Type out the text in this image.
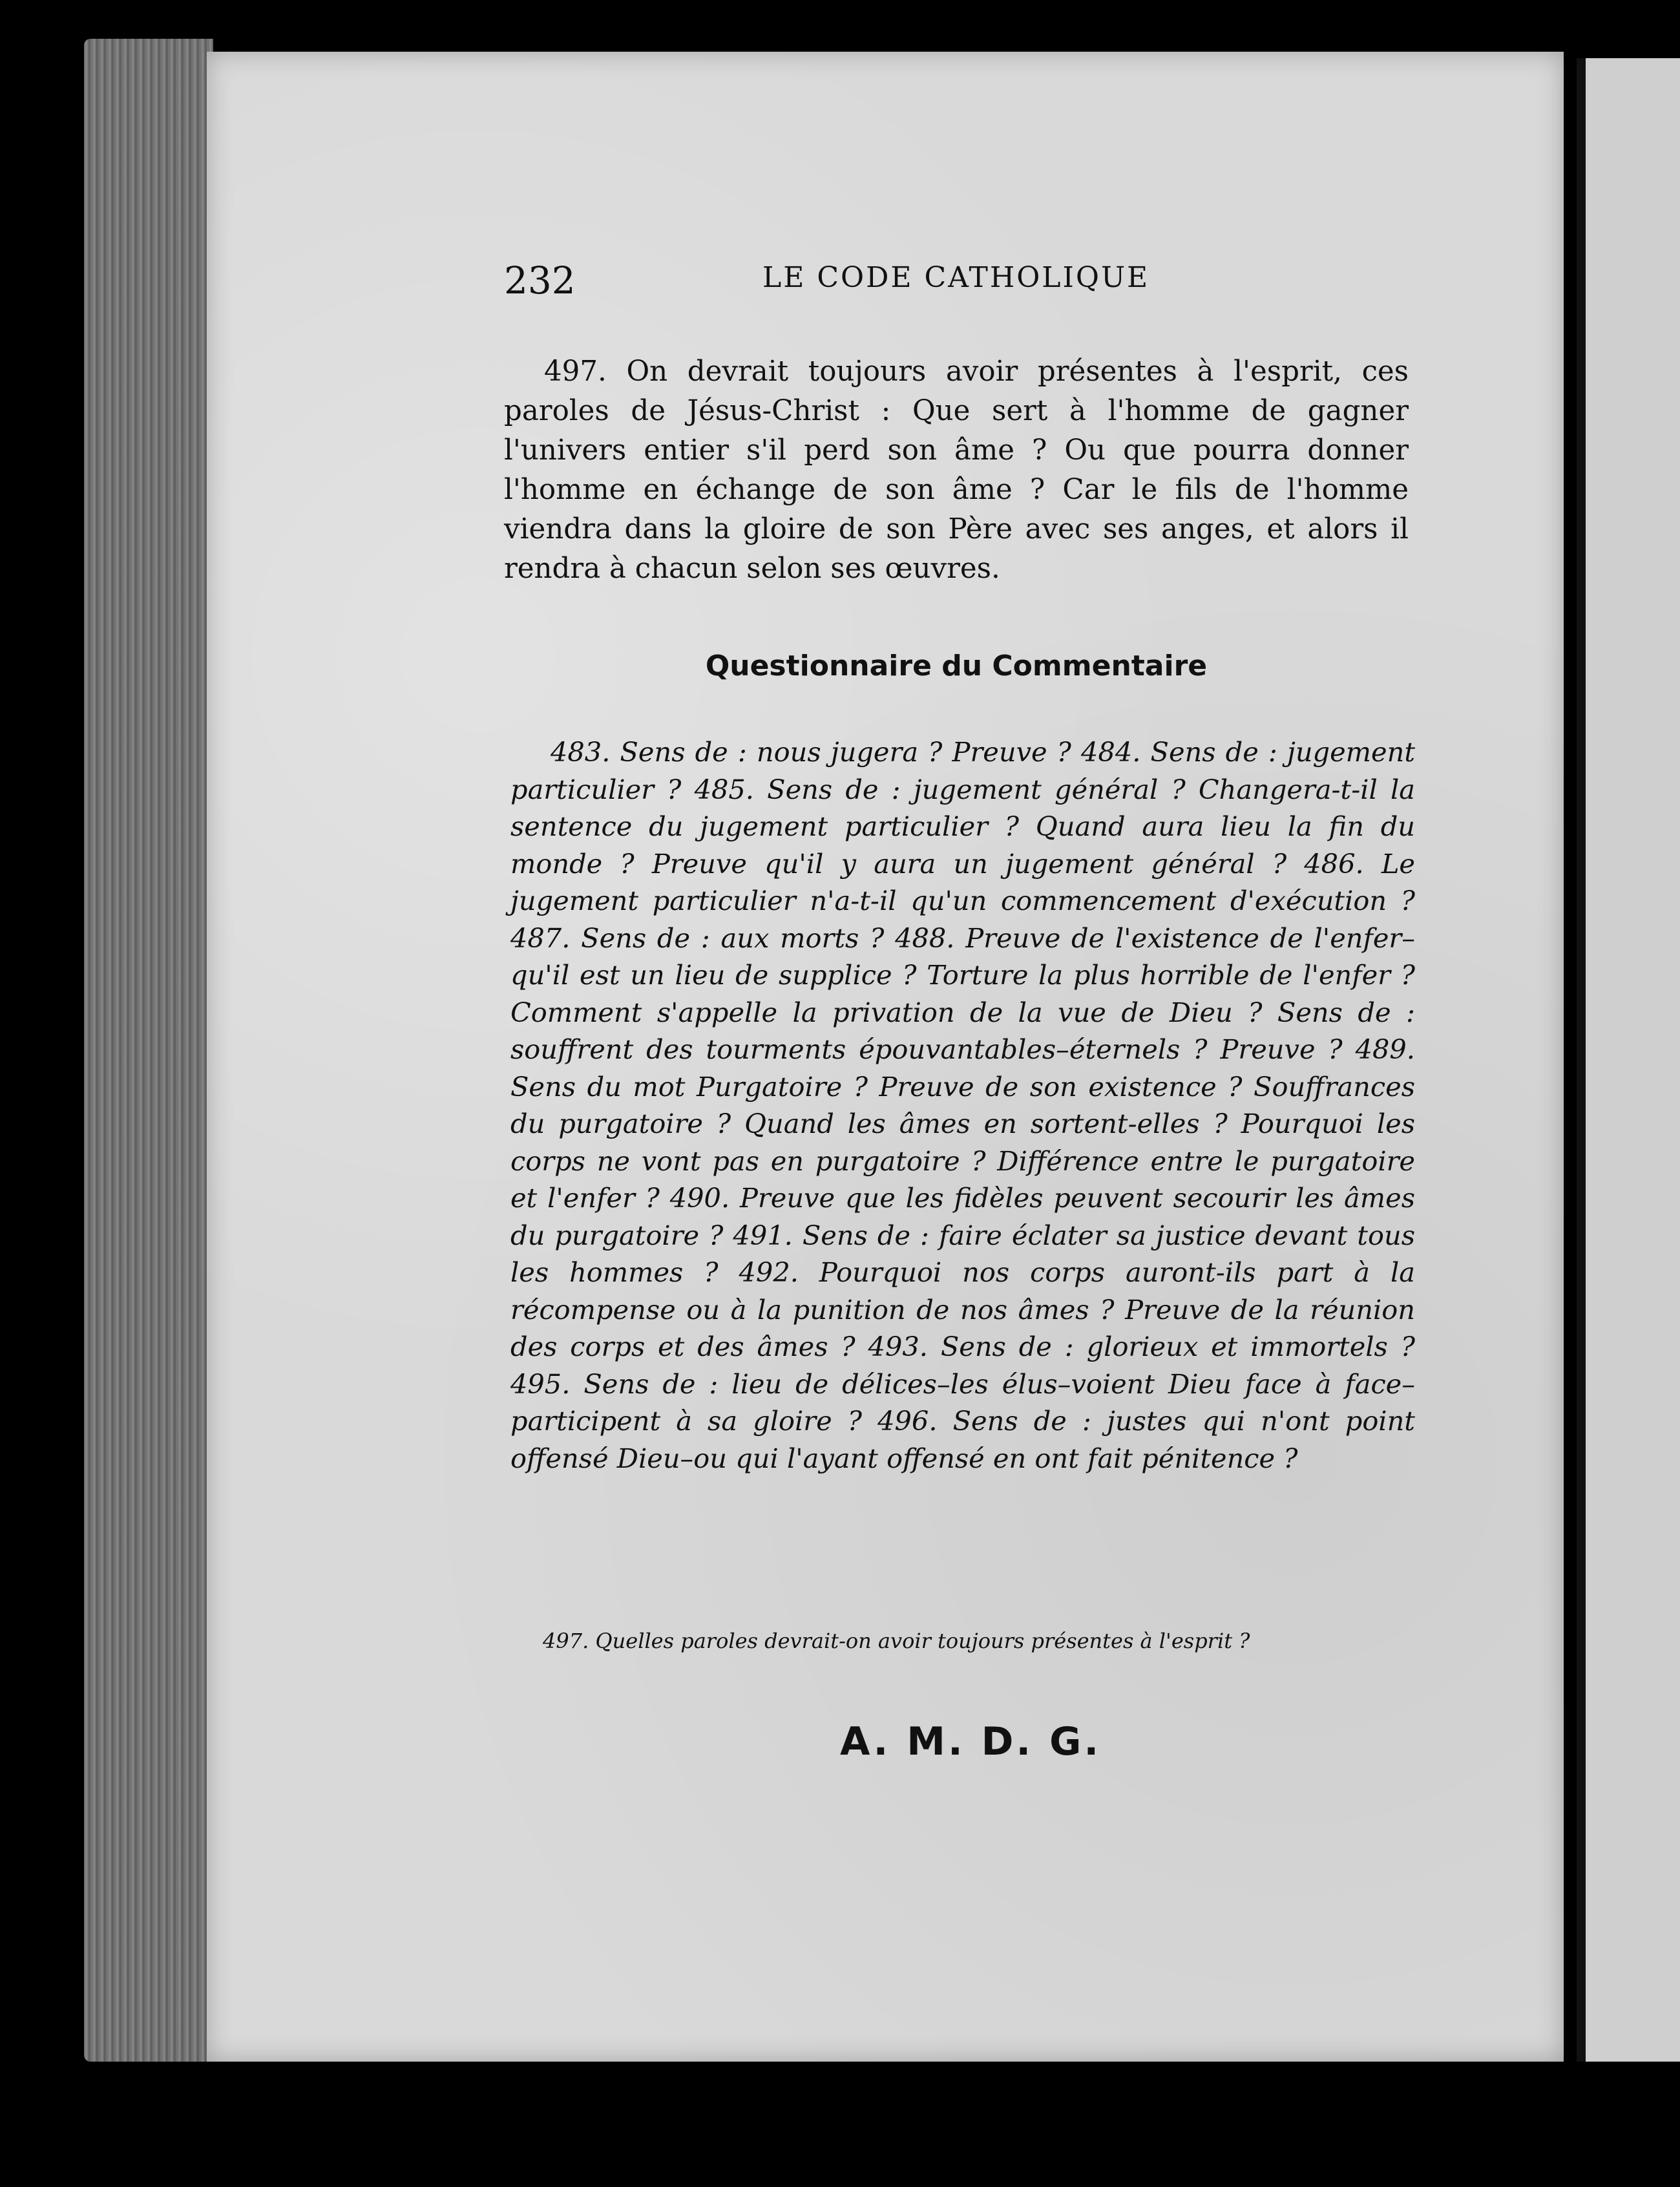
232	LE CODE CATHOLIQUE
497. On devrait toujours avoir présentes à l'esprit, ces paroles de Jésus-Christ : Que sert à l'homme de gagner l'univers entier s'il perd son âme ? Ou que pourra donner l'homme en échange de son âme ? Car le fils de l'homme viendra dans la gloire de son Père avec ses anges, et alors il rendra à chacun selon ses œuvres.
Questionnaire du Commentaire
483. Sens de : nous jugera ? Preuve ? 484. Sens de : jugement particulier ? 485. Sens de : jugement général ? Changera-t-il la sentence du jugement particulier ? Quand aura lieu la fin du monde ? Preuve qu'il y aura un jugement général ? 486. Le jugement particulier n'a-t-il qu'un commencement d'exécution ? 487. Sens de : aux morts ? 488. Preuve de l'existence de l'enfer–qu'il est un lieu de supplice ? Torture la plus horrible de l'enfer ? Comment s'appelle la privation de la vue de Dieu ? Sens de : souffrent des tourments épouvantables–éternels ? Preuve ? 489. Sens du mot Purgatoire ? Preuve de son existence ? Souffrances du purgatoire ? Quand les âmes en sortent-elles ? Pourquoi les corps ne vont pas en purgatoire ? Différence entre le purgatoire et l'enfer ? 490. Preuve que les fidèles peuvent secourir les âmes du purgatoire ? 491. Sens de : faire éclater sa justice devant tous les hommes ? 492. Pourquoi nos corps auront-ils part à la récompense ou à la punition de nos âmes ? Preuve de la réunion des corps et des âmes ? 493. Sens de : glorieux et immortels ? 495. Sens de : lieu de délices–les élus–voient Dieu face à face–participent à sa gloire ? 496. Sens de : justes qui n'ont point offensé Dieu–ou qui l'ayant offensé en ont fait pénitence ?
497. Quelles paroles devrait-on avoir toujours présentes à l'esprit ?
A. M. D. G.
